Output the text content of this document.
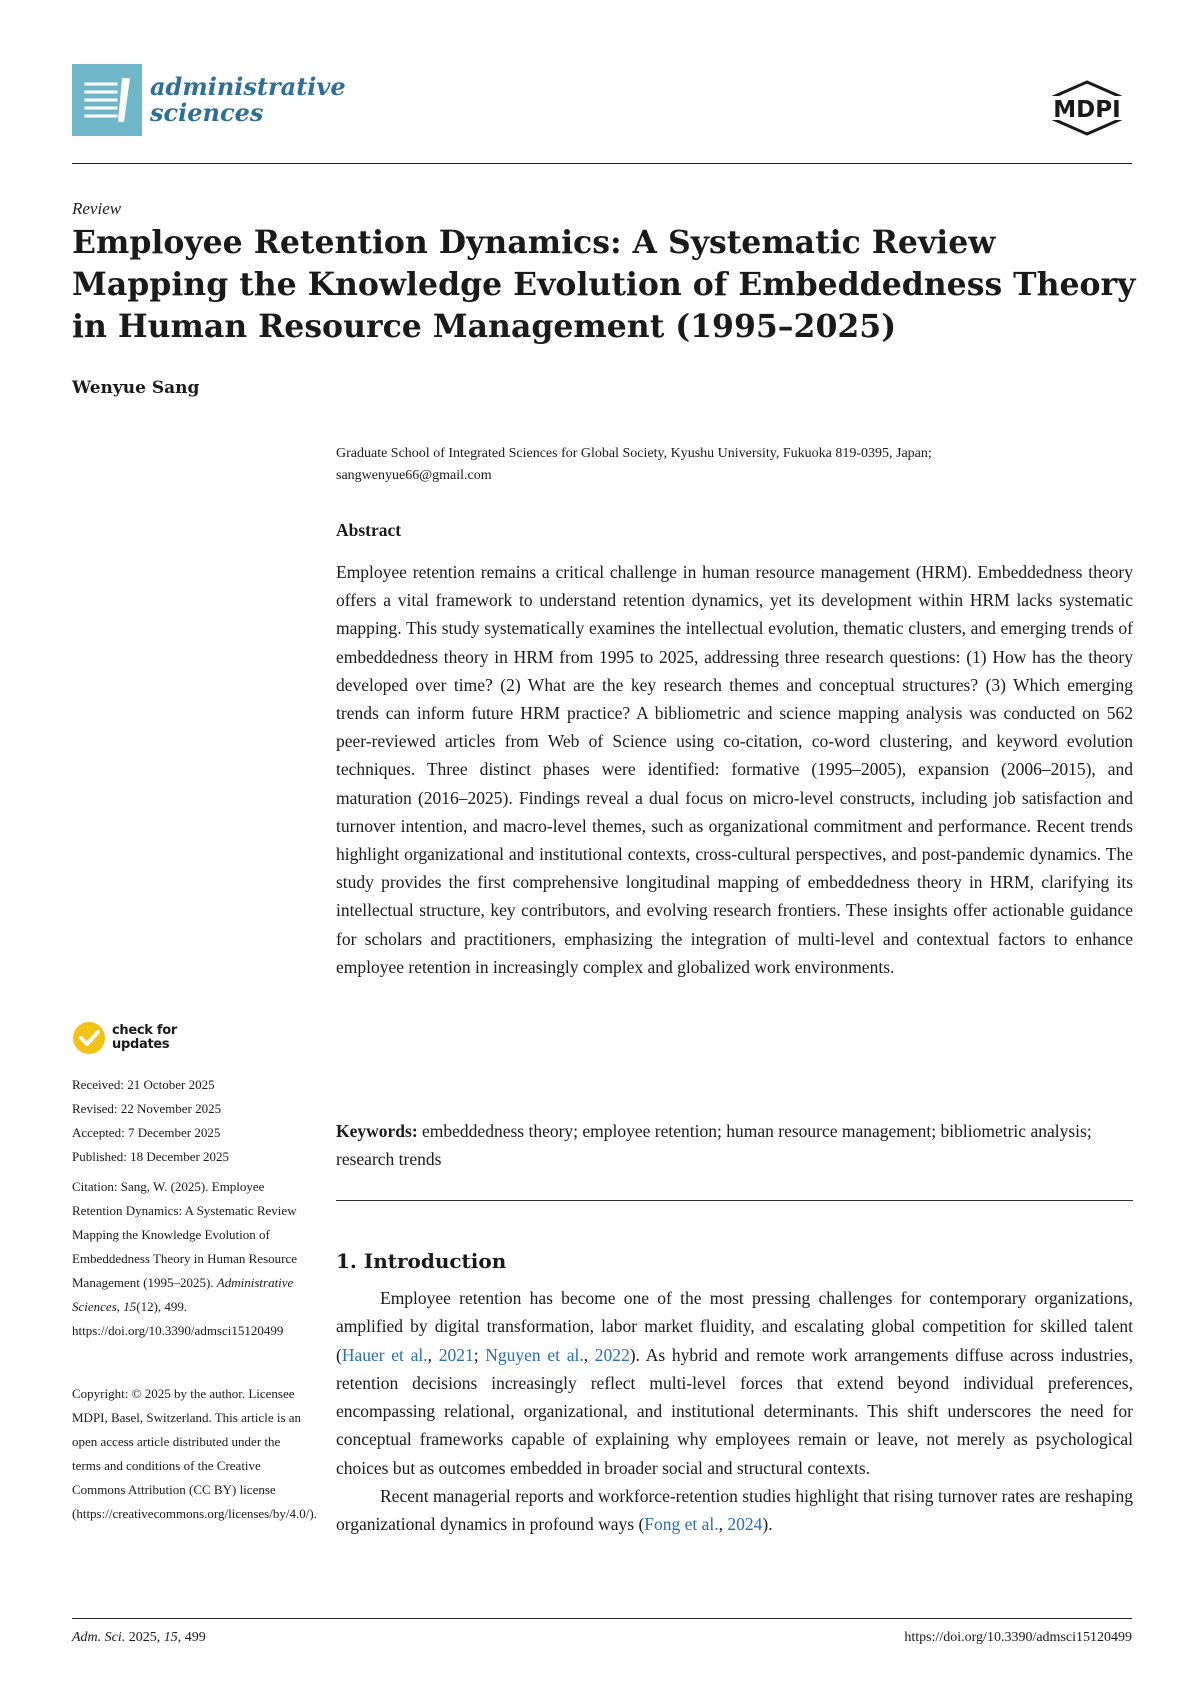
administrative
sciences	MDPI
Review
Employee Retention Dynamics: A Systematic Review Mapping the Knowledge Evolution of Embeddedness Theory in Human Resource Management (1995–2025)
Wenyue Sang
Graduate School of Integrated Sciences for Global Society, Kyushu University, Fukuoka 819-0395, Japan;
sangwenyue66@gmail.com
Abstract

Employee retention remains a critical challenge in human resource management (HRM). Embeddedness theory offers a vital framework to understand retention dynamics, yet its development within HRM lacks systematic mapping. This study systematically examines the intellectual evolution, thematic clusters, and emerging trends of embeddedness theory in HRM from 1995 to 2025, addressing three research questions: (1) How has the theory developed over time? (2) What are the key research themes and conceptual structures? (3) Which emerging trends can inform future HRM practice? A bibliometric and science mapping analysis was conducted on 562 peer-reviewed articles from Web of Science using co-citation, co-word clustering, and keyword evolution techniques. Three distinct phases were identified: formative (1995–2005), expansion (2006–2015), and maturation (2016–2025). Findings reveal a dual focus on micro-level constructs, including job satisfaction and turnover intention, and macro-level themes, such as organizational commitment and performance. Recent trends highlight organizational and institutional contexts, cross-cultural perspectives, and post-pandemic dynamics. The study provides the first comprehensive longitudinal mapping of embeddedness theory in HRM, clarifying its intellectual structure, key contributors, and evolving research frontiers. These insights offer actionable guidance for scholars and practitioners, emphasizing the integration of multi-level and contextual factors to enhance employee retention in increasingly complex and globalized work environments.

Keywords: embeddedness theory; employee retention; human resource management; bibliometric analysis; research trends
1. Introduction

Employee retention has become one of the most pressing challenges for contemporary organizations, amplified by digital transformation, labor market fluidity, and escalating global competition for skilled talent (Hauer et al., 2021; Nguyen et al., 2022). As hybrid and remote work arrangements diffuse across industries, retention decisions increasingly reflect multi-level forces that extend beyond individual preferences, encompassing relational, organizational, and institutional determinants. This shift underscores the need for conceptual frameworks capable of explaining why employees remain or leave, not merely as psychological choices but as outcomes embedded in broader social and structural contexts.

Recent managerial reports and workforce-retention studies highlight that rising turnover rates are reshaping organizational dynamics in profound ways (Fong et al., 2024).

check for
updates
Received: 21 October 2025
Revised: 22 November 2025
Accepted: 7 December 2025
Published: 18 December 2025
Citation: Sang, W. (2025). Employee Retention Dynamics: A Systematic Review Mapping the Knowledge Evolution of Embeddedness Theory in Human Resource Management (1995–2025). Administrative Sciences, 15(12), 499. https://doi.org/10.3390/admsci15120499
Copyright: © 2025 by the author. Licensee MDPI, Basel, Switzerland. This article is an open access article distributed under the terms and conditions of the Creative Commons Attribution (CC BY) license (https://creativecommons.org/licenses/by/4.0/).
Adm. Sci. 2025, 15, 499	https://doi.org/10.3390/admsci15120499
